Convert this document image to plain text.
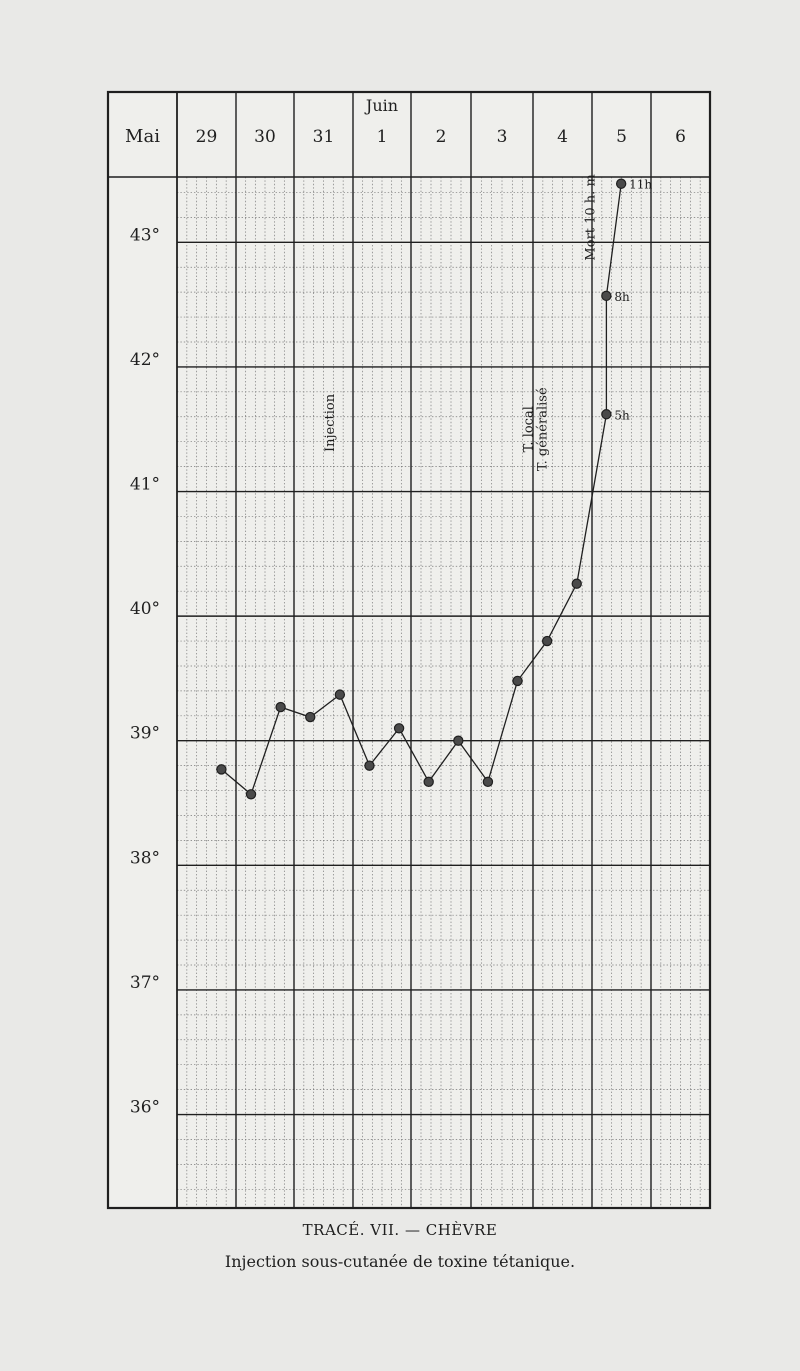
Mai 29 30 31 1	2	3	4	5	6
Juin
36°
37°
38°
39°
40°
41°
42°
43°
Injection	T. local T. généralisé
Mort 10 h. m
5h
8h
11h
TRACÉ. VII. — CHÈVRE
Injection sous-cutanée de toxine tétanique.
